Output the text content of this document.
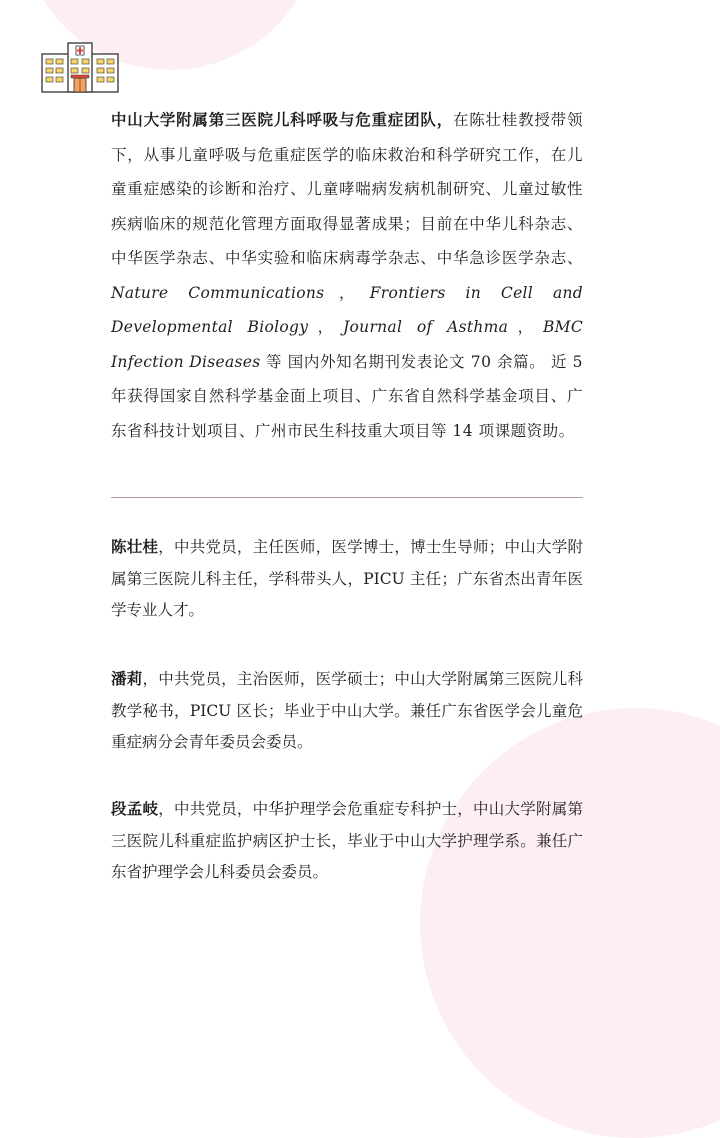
中山大学附属第三医院儿科呼吸与危重症团队，在陈壮桂教授带领下，从事儿童呼吸与危重症医学的临床救治和科学研究工作，在儿童重症感染的诊断和治疗、儿童哮喘病发病机制研究、儿童过敏性疾病临床的规范化管理方面取得显著成果；目前在中华儿科杂志、中华医学杂志、中华实验和临床病毒学杂志、中华急诊医学杂志、Nature Communications，Frontiers in Cell and Developmental Biology，Journal of Asthma，BMC Infection Diseases 等 国内外知名期刊发表论文 70 余篇。 近 5 年获得国家自然科学基金面上项目、广东省自然科学基金项目、广东省科技计划项目、广州市民生科技重大项目等 14 项课题资助。

陈壮桂，中共党员，主任医师，医学博士，博士生导师；中山大学附属第三医院儿科主任，学科带头人，PICU 主任；广东省杰出青年医学专业人才。

潘莉，中共党员，主治医师，医学硕士；中山大学附属第三医院儿科教学秘书，PICU 区长；毕业于中山大学。兼任广东省医学会儿童危重症病分会青年委员会委员。

段孟岐，中共党员，中华护理学会危重症专科护士，中山大学附属第三医院儿科重症监护病区护士长，毕业于中山大学护理学系。兼任广东省护理学会儿科委员会委员。
